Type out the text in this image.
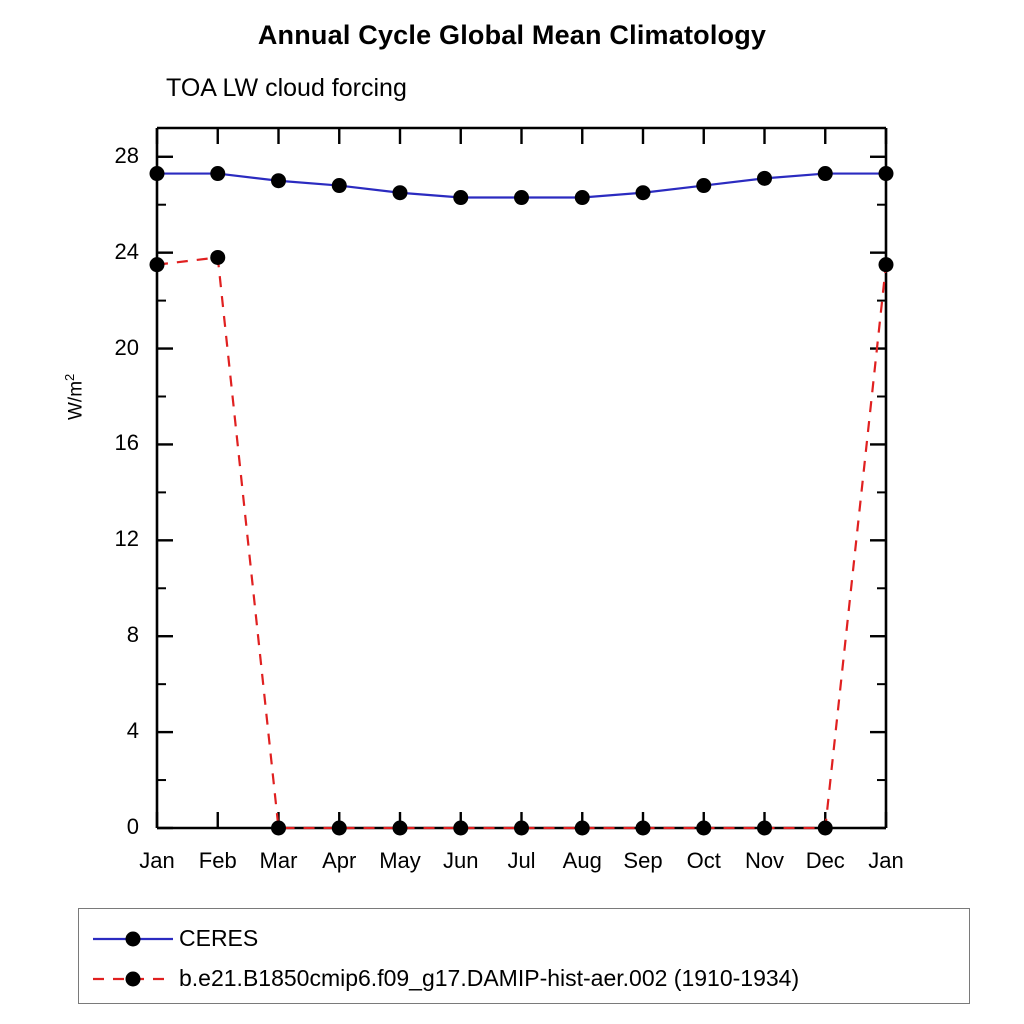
Annual Cycle Global Mean Climatology
TOA LW cloud forcing
$W/m^2$
0
4
8
12
16
20
24
28
Jan	Feb	Mar	Apr	May	Jun	Jul	Aug Sep	Oct	Nov Dec	Jan
CERES
b.e21.B1850cmip6.f09_g17.DAMIP-hist-aer.002 (1910-1934)
